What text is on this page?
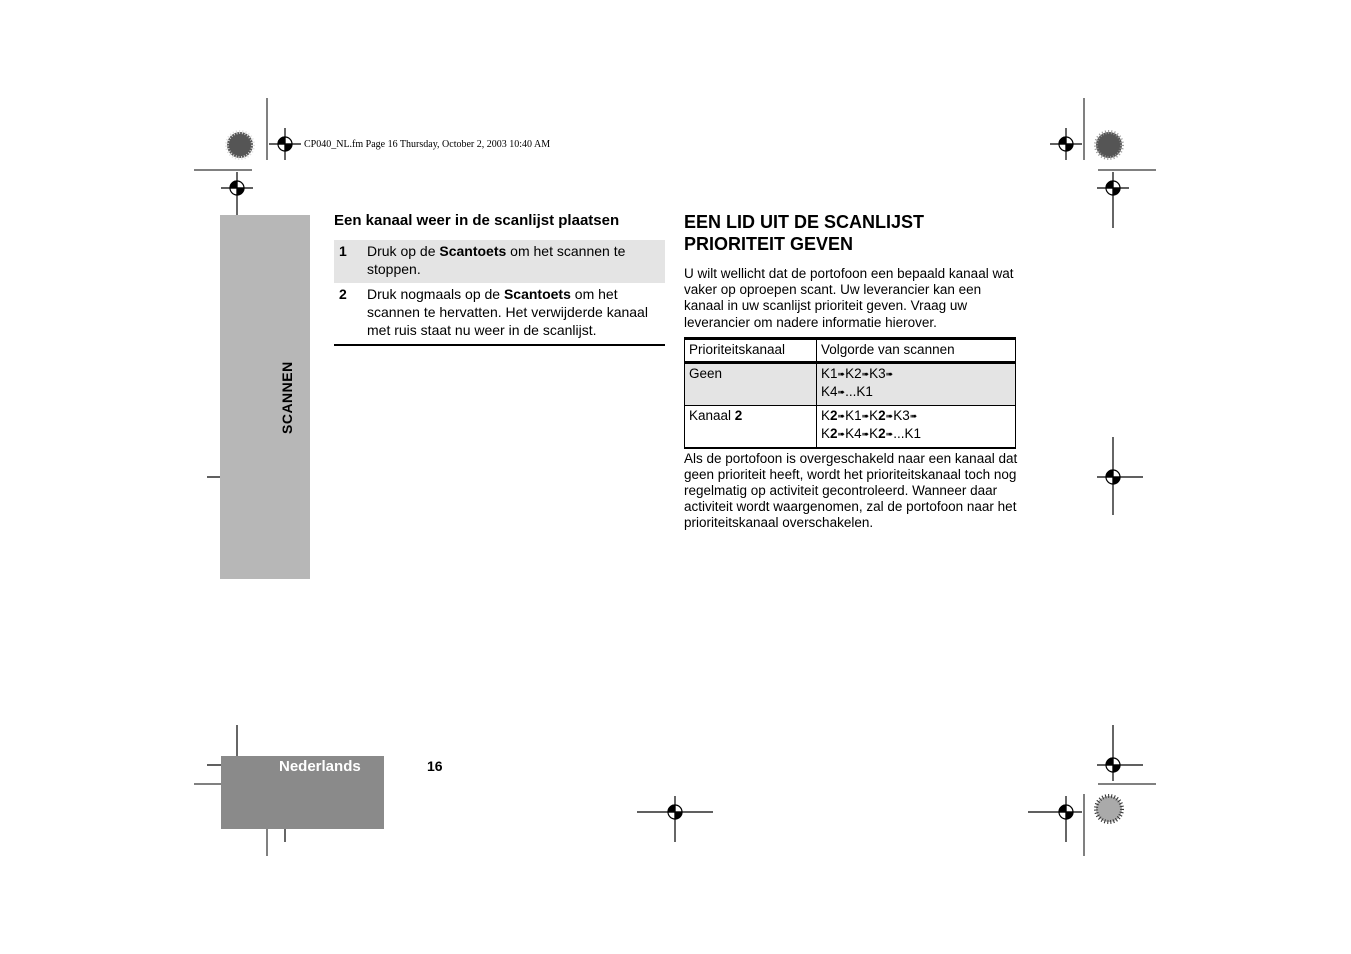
CP040_NL.fm Page 16 Thursday, October 2, 2003 10:40 AM
SCANNEN
Nederlands	16
Een kanaal weer in de scanlijst plaatsen
1	Druk op de Scantoets om het scannen te stoppen.
2	Druk nogmaals op de Scantoets om het scannen te hervatten. Het verwijderde kanaal met ruis staat nu weer in de scanlijst.
EEN LID UIT DE SCANLIJST
PRIORITEIT GEVEN
U wilt wellicht dat de portofoon een bepaald kanaal wat vaker op oproepen scant. Uw leverancier kan een kanaal in uw scanlijst prioriteit geven. Vraag uw leverancier om nadere informatie hierover.
Prioriteitskanaal	Volgorde van scannen
Geen	K1➠K2➠K3➠
K4➠...K1
Kanaal 2	K2➠K1➠K2➠K3➠
K2➠K4➠K2➠...K1
Als de portofoon is overgeschakeld naar een kanaal dat geen prioriteit heeft, wordt het prioriteitskanaal toch nog regelmatig op activiteit gecontroleerd. Wanneer daar activiteit wordt waargenomen, zal de portofoon naar het prioriteitskanaal overschakelen.
